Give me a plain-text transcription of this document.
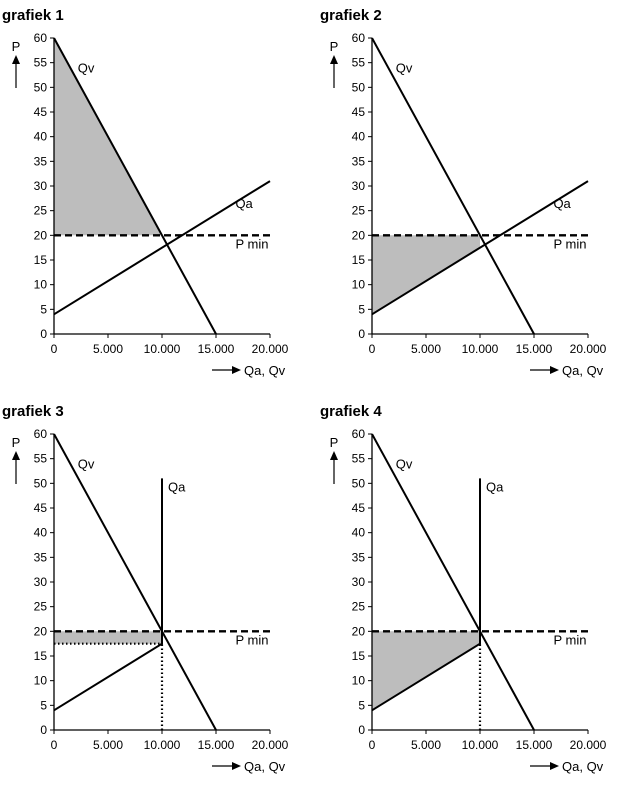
grafiek 1
0
5
10
15
20
25
30
35
40
45
50
55
60
0	5.000 10.000 15.000 20.000
P
Qa, Qv
Qv
Qa
P min
grafiek 2
0
5
10
15
20
25
30
35
40
45
50
55
60
0	5.000 10.000 15.000 20.000
P
Qa, Qv
Qv
Qa
P min
grafiek 3
0
5
10
15
20
25
30
35
40
45
50
55
60
0	5.000 10.000 15.000 20.000
P
Qa, Qv
Qv
Qa
P min
grafiek 4
0
5
10
15
20
25
30
35
40
45
50
55
60
0	5.000 10.000 15.000 20.000
P
Qa, Qv
Qv
Qa
P min
